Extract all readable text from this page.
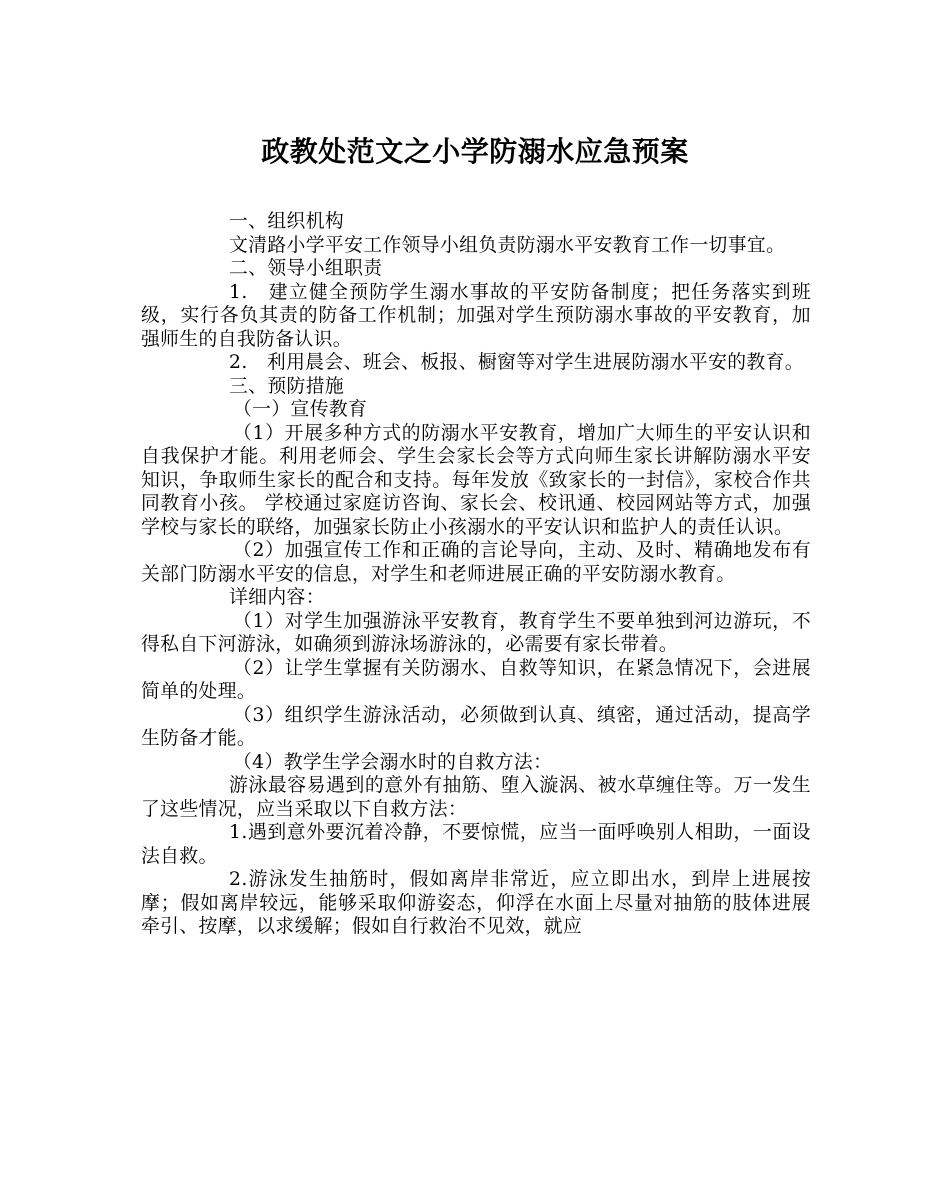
政教处范文之小学防溺水应急预案

一、组织机构

文清路小学平安工作领导小组负责防溺水平安教育工作一切事宜。

二、领导小组职责

1.　建立健全预防学生溺水事故的平安防备制度；把任务落实到班级，实行各负其责的防备工作机制；加强对学生预防溺水事故的平安教育，加强师生的自我防备认识。

2.　利用晨会、班会、板报、橱窗等对学生进展防溺水平安的教育。

三、预防措施

（一）宣传教育

（1）开展多种方式的防溺水平安教育，增加广大师生的平安认识和自我保护才能。利用老师会、学生会家长会等方式向师生家长讲解防溺水平安知识，争取师生家长的配合和支持。每年发放《致家长的一封信》，家校合作共同教育小孩。 学校通过家庭访咨询、家长会、校讯通、校园网站等方式，加强学校与家长的联络，加强家长防止小孩溺水的平安认识和监护人的责任认识。

（2）加强宣传工作和正确的言论导向，主动、及时、精确地发布有关部门防溺水平安的信息，对学生和老师进展正确的平安防溺水教育。

详细内容：

（1）对学生加强游泳平安教育，教育学生不要单独到河边游玩，不得私自下河游泳，如确须到游泳场游泳的，必需要有家长带着。

（2）让学生掌握有关防溺水、自救等知识，在紧急情况下，会进展简单的处理。

（3）组织学生游泳活动，必须做到认真、缜密，通过活动，提高学生防备才能。

（4）教学生学会溺水时的自救方法：

游泳最容易遇到的意外有抽筋、堕入漩涡、被水草缠住等。万一发生了这些情况，应当采取以下自救方法：

1.遇到意外要沉着冷静，不要惊慌，应当一面呼唤别人相助，一面设法自救。

2.游泳发生抽筋时，假如离岸非常近，应立即出水，到岸上进展按摩；假如离岸较远，能够采取仰游姿态，仰浮在水面上尽量对抽筋的肢体进展牵引、按摩，以求缓解；假如自行救治不见效，就应
